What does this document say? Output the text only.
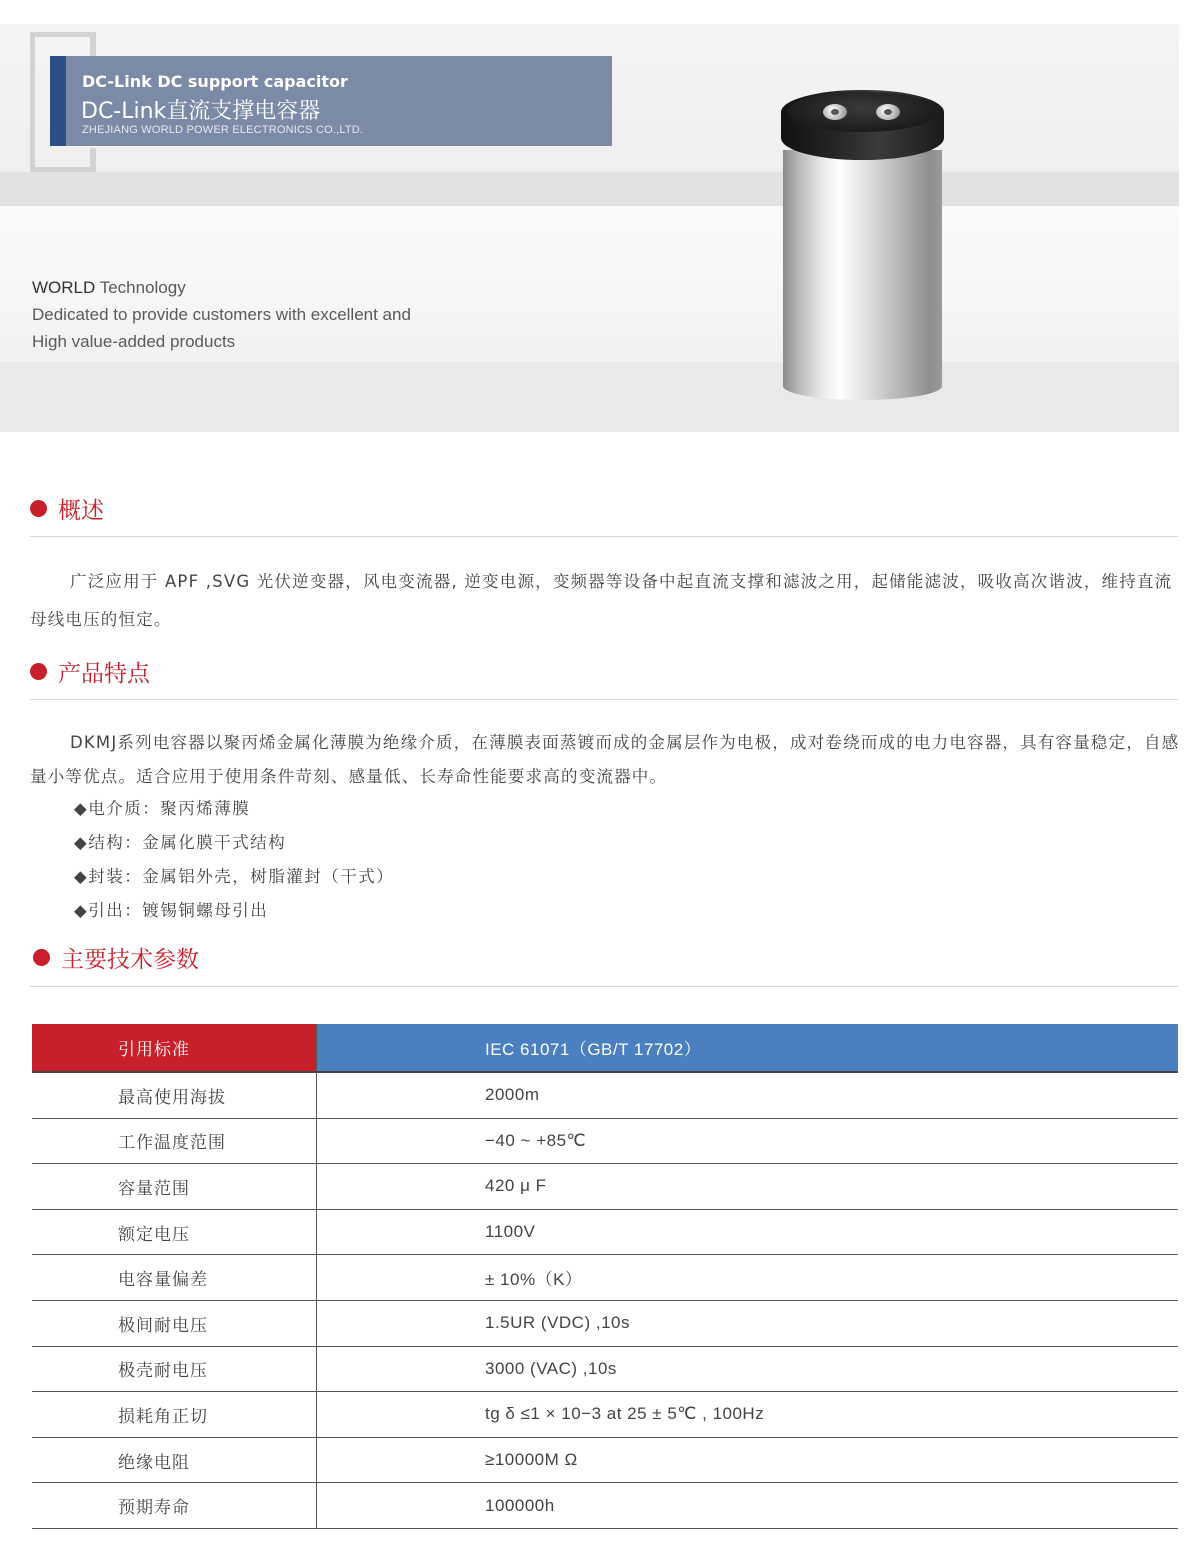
DC-Link DC support capacitor
DC-Link直流支撑电容器
ZHEJIANG WORLD POWER ELECTRONICS CO.,LTD.
WORLD Technology
Dedicated to provide customers with excellent and
High value-added products
概述
广泛应用于 APF ,SVG 光伏逆变器，风电变流器, 逆变电源，变频器等设备中起直流支撑和滤波之用，起储能滤波，吸收高次谐波，维持直流母线电压的恒定。
产品特点
DKMJ系列电容器以聚丙烯金属化薄膜为绝缘介质，在薄膜表面蒸镀而成的金属层作为电极，成对卷绕而成的电力电容器，具有容量稳定，自感量小等优点。适合应用于使用条件苛刻、感量低、长寿命性能要求高的变流器中。
◆电介质：聚丙烯薄膜
◆结构：金属化膜干式结构
◆封装：金属铝外壳，树脂灌封（干式）
◆引出：镀锡铜螺母引出
主要技术参数
引用标准	IEC 61071（GB/T 17702）
最高使用海拔	2000m
工作温度范围	−40 ~ +85℃
容量范围	420 μ F
额定电压	1100V
电容量偏差	± 10%（K）
极间耐电压	1.5UR (VDC) ,10s
极壳耐电压	3000 (VAC) ,10s
损耗角正切	tg δ ≤1 × 10−3 at 25 ± 5℃ , 100Hz
绝缘电阻	≥10000M Ω
预期寿命	100000h
